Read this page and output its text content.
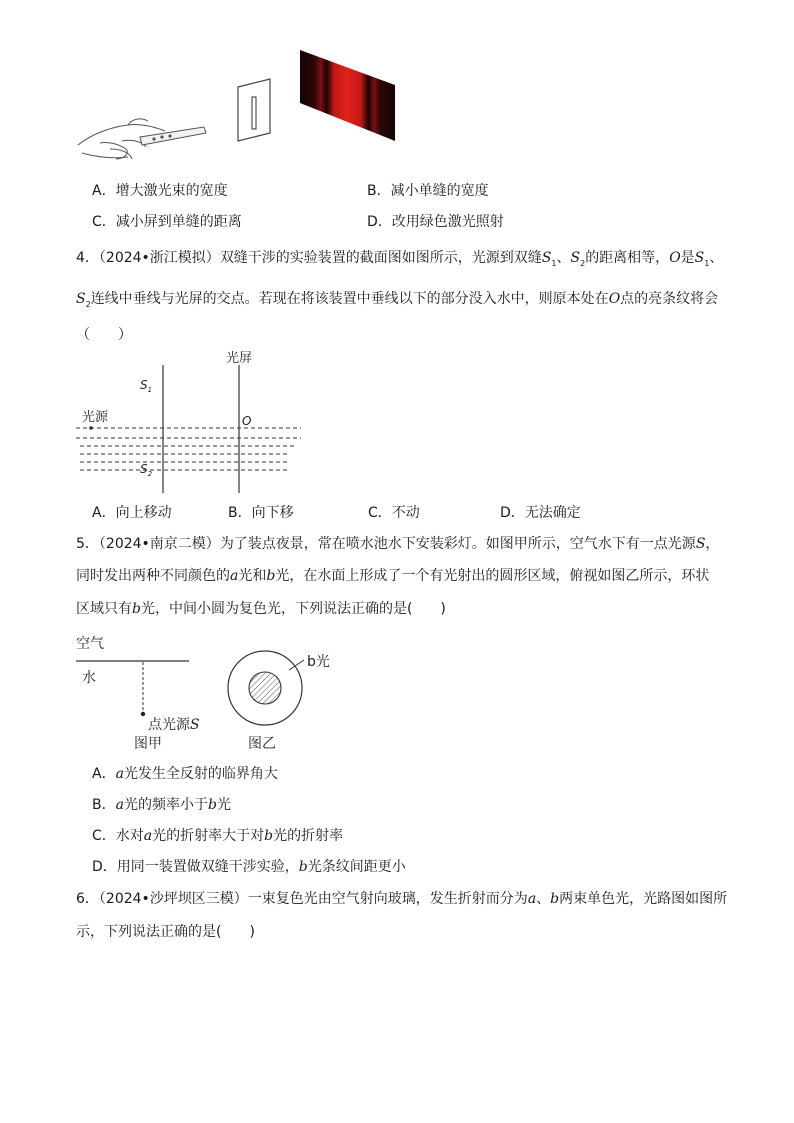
A．增大激光束的宽度	B．减小单缝的宽度
C．减小屏到单缝的距离	D．改用绿色激光照射
4．（2024•浙江模拟）双缝干涉的实验装置的截面图如图所示，光源到双缝$S_1$、$S_2$的距离相等，O是$S_1$、
$S_2$连线中垂线与光屏的交点。若现在将该装置中垂线以下的部分没入水中，则原本处在O点的亮条纹将会
（　　）
光屏
$S_1$
$S_2$
光源	O
A．向上移动	B．向下移	C．不动	D．无法确定
5．（2024•南京二模）为了装点夜景，常在喷水池水下安装彩灯。如图甲所示，空气水下有一点光源S，
同时发出两种不同颜色的a光和b光，在水面上形成了一个有光射出的圆形区域，俯视如图乙所示，环状
区域只有b光，中间小圆为复色光，下列说法正确的是(　　)
空气
水
点光源S
图甲
b光
图乙
A．a光发生全反射的临界角大
B．a光的频率小于b光
C．水对a光的折射率大于对b光的折射率
D．用同一装置做双缝干涉实验，b光条纹间距更小
6．（2024•沙坪坝区三模）一束复色光由空气射向玻璃，发生折射而分为a、b两束单色光，光路图如图所
示，下列说法正确的是(　　)
